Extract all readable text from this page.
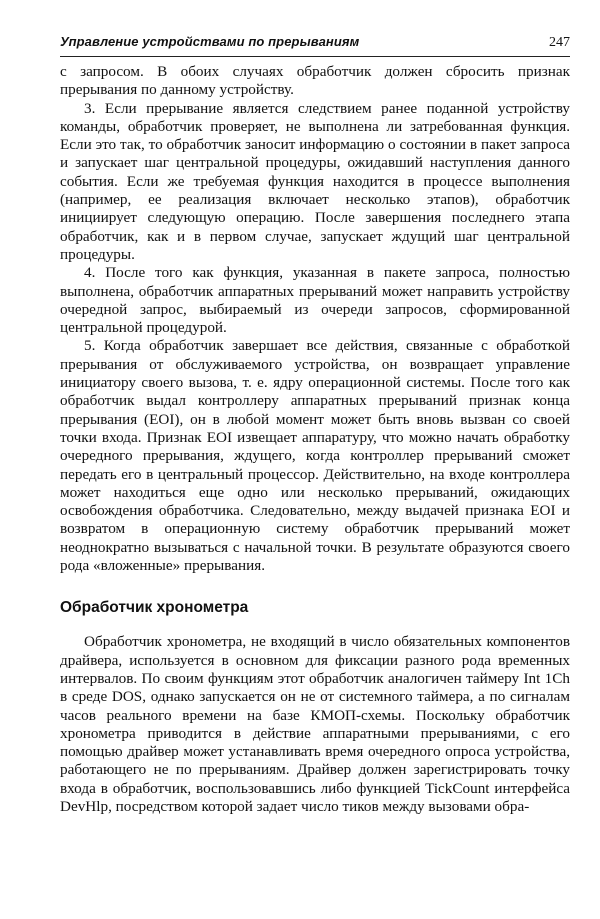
Управление устройствами по прерываниям	247

с запросом. В обоих случаях обработчик должен сбросить признак прерывания по данному устройству.

3. Если прерывание является следствием ранее поданной устройству команды, обработчик проверяет, не выполнена ли затребованная функция. Если это так, то обработчик заносит информацию о состоянии в пакет запроса и запускает шаг центральной процедуры, ожидавший наступления данного события. Если же требуемая функция находится в процессе выполнения (например, ее реализация включает несколько этапов), обработчик инициирует следующую операцию. После завершения последнего этапа обработчик, как и в первом случае, запускает ждущий шаг центральной процедуры.

4. После того как функция, указанная в пакете запроса, полностью выполнена, обработчик аппаратных прерываний может направить устройству очередной запрос, выбираемый из очереди запросов, сформированной центральной процедурой.

5. Когда обработчик завершает все действия, связанные с обработкой прерывания от обслуживаемого устройства, он возвращает управление инициатору своего вызова, т. е. ядру операционной системы. После того как обработчик выдал контроллеру аппаратных прерываний признак конца прерывания (EOI), он в любой момент может быть вновь вызван со своей точки входа. Признак EOI извещает аппаратуру, что можно начать обработку очередного прерывания, ждущего, когда контроллер прерываний сможет передать его в центральный процессор. Действительно, на входе контроллера может находиться еще одно или несколько прерываний, ожидающих освобождения обработчика. Следовательно, между выдачей признака EOI и возвратом в операционную систему обработчик прерываний может неоднократно вызываться с начальной точки. В результате образуются своего рода «вложенные» прерывания.

Обработчик хронометра

Обработчик хронометра, не входящий в число обязательных компонентов драйвера, используется в основном для фиксации разного рода временных интервалов. По своим функциям этот обработчик аналогичен таймеру Int 1Ch в среде DOS, однако запускается он не от системного таймера, а по сигналам часов реального времени на базе КМОП-схемы. Поскольку обработчик хронометра приводится в действие аппаратными прерываниями, с его помощью драйвер может устанавливать время очередного опроса устройства, работающего не по прерываниям. Драйвер должен зарегистрировать точку входа в обработчик, воспользовавшись либо функцией TickCount интерфейса DevHlp, посредством которой задает число тиков между вызовами обра-
